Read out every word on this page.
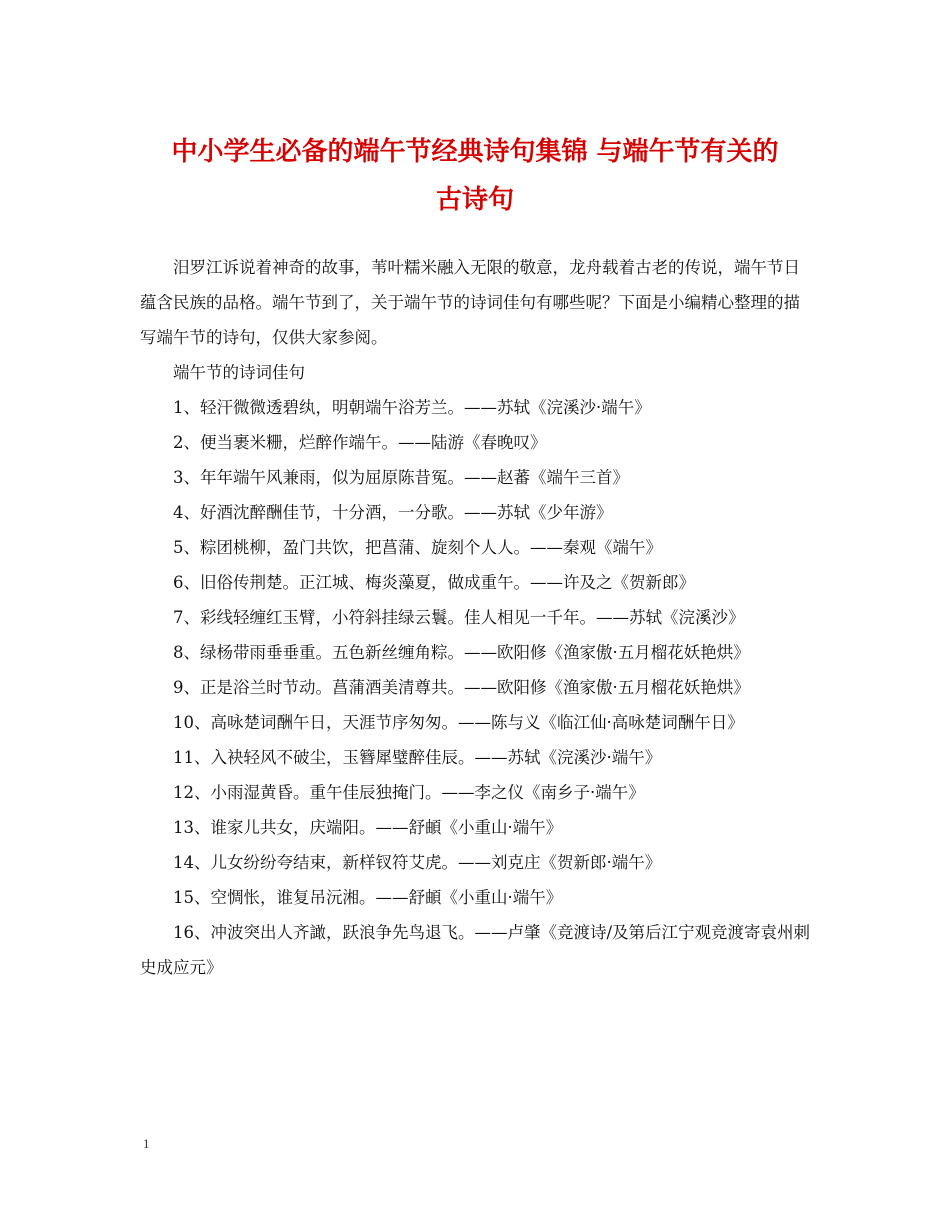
中小学生必备的端午节经典诗句集锦 与端午节有关的
古诗句

汨罗江诉说着神奇的故事，苇叶糯米融入无限的敬意，龙舟载着古老的传说，端午节日蕴含民族的品格。端午节到了，关于端午节的诗词佳句有哪些呢？下面是小编精心整理的描写端午节的诗句，仅供大家参阅。

端午节的诗词佳句

1、轻汗微微透碧纨，明朝端午浴芳兰。——苏轼《浣溪沙·端午》

2、便当裹米粣，烂醉作端午。——陆游《春晚叹》

3、年年端午风兼雨，似为屈原陈昔冤。——赵蕃《端午三首》

4、好酒沈醉酬佳节，十分酒，一分歌。——苏轼《少年游》

5、粽团桃柳，盈门共饮，把菖蒲、旋刻个人人。——秦观《端午》

6、旧俗传荆楚。正江城、梅炎藻夏，做成重午。——许及之《贺新郎》

7、彩线轻缠红玉臂，小符斜挂绿云鬟。佳人相见一千年。——苏轼《浣溪沙》

8、绿杨带雨垂垂重。五色新丝缠角粽。——欧阳修《渔家傲·五月榴花妖艳烘》

9、正是浴兰时节动。菖蒲酒美清尊共。——欧阳修《渔家傲·五月榴花妖艳烘》

10、高咏楚词酬午日，天涯节序匆匆。——陈与义《临江仙·高咏楚词酬午日》

11、入袂轻风不破尘，玉簪犀璧醉佳辰。——苏轼《浣溪沙·端午》

12、小雨湿黄昏。重午佳辰独掩门。——李之仪《南乡子·端午》

13、谁家儿共女，庆端阳。——舒頔《小重山·端午》

14、儿女纷纷夸结束，新样钗符艾虎。——刘克庄《贺新郎·端午》

15、空惆怅，谁复吊沅湘。——舒頔《小重山·端午》

16、冲波突出人齐譀，跃浪争先鸟退飞。——卢肇《竞渡诗/及第后江宁观竞渡寄袁州刺史成应元》

1
